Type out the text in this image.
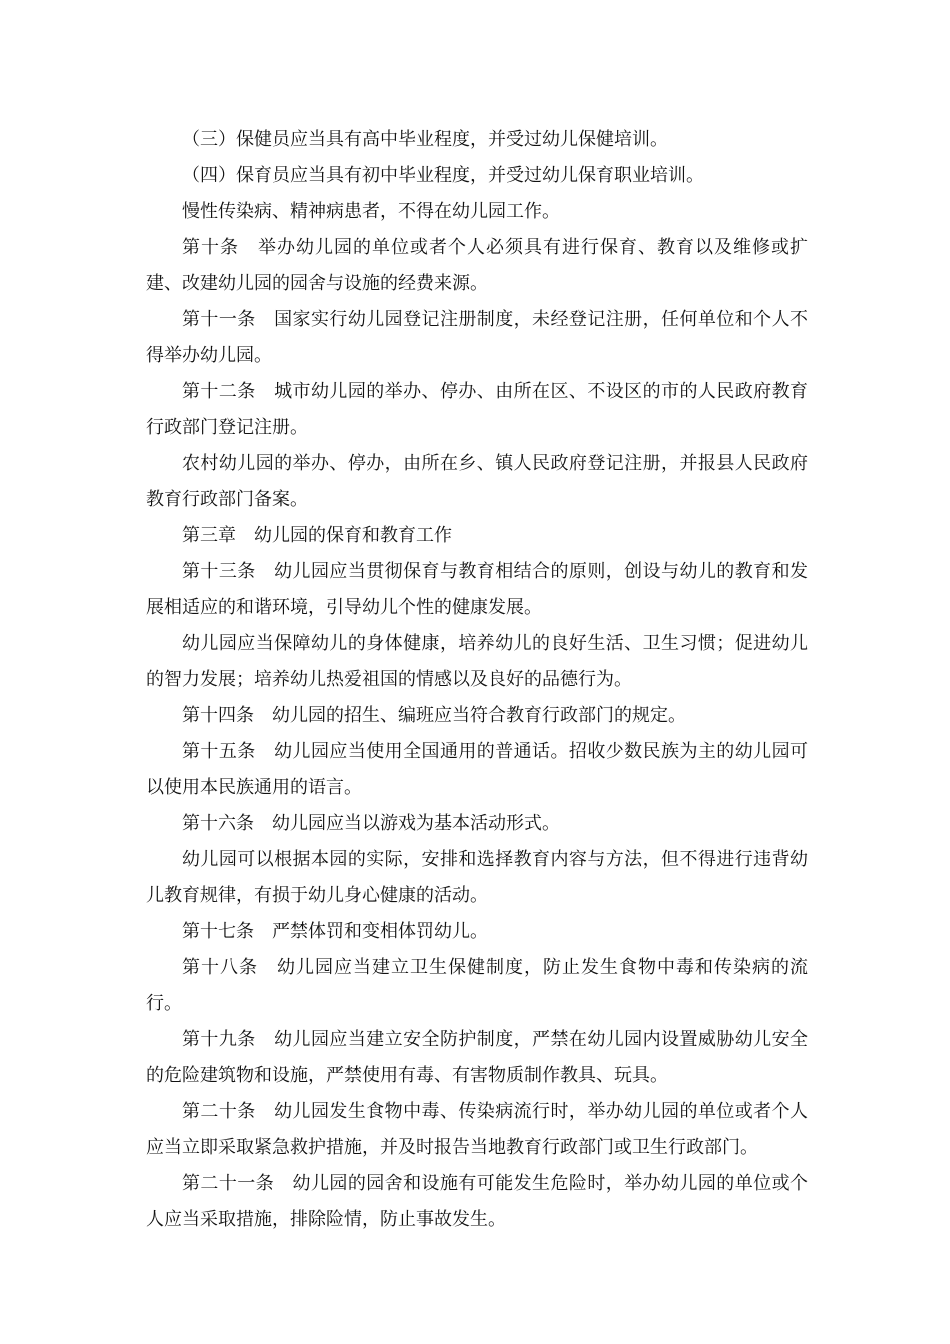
（三）保健员应当具有高中毕业程度，并受过幼儿保健培训。

（四）保育员应当具有初中毕业程度，并受过幼儿保育职业培训。

慢性传染病、精神病患者，不得在幼儿园工作。

第十条　举办幼儿园的单位或者个人必须具有进行保育、教育以及维修或扩建、改建幼儿园的园舍与设施的经费来源。

第十一条　国家实行幼儿园登记注册制度，未经登记注册，任何单位和个人不得举办幼儿园。

第十二条　城市幼儿园的举办、停办、由所在区、不设区的市的人民政府教育行政部门登记注册。

农村幼儿园的举办、停办，由所在乡、镇人民政府登记注册，并报县人民政府教育行政部门备案。

第三章　幼儿园的保育和教育工作

第十三条　幼儿园应当贯彻保育与教育相结合的原则，创设与幼儿的教育和发展相适应的和谐环境，引导幼儿个性的健康发展。

幼儿园应当保障幼儿的身体健康，培养幼儿的良好生活、卫生习惯；促进幼儿的智力发展；培养幼儿热爱祖国的情感以及良好的品德行为。

第十四条　幼儿园的招生、编班应当符合教育行政部门的规定。

第十五条　幼儿园应当使用全国通用的普通话。招收少数民族为主的幼儿园可以使用本民族通用的语言。

第十六条　幼儿园应当以游戏为基本活动形式。

幼儿园可以根据本园的实际，安排和选择教育内容与方法，但不得进行违背幼儿教育规律，有损于幼儿身心健康的活动。

第十七条　严禁体罚和变相体罚幼儿。

第十八条　幼儿园应当建立卫生保健制度，防止发生食物中毒和传染病的流行。

第十九条　幼儿园应当建立安全防护制度，严禁在幼儿园内设置威胁幼儿安全的危险建筑物和设施，严禁使用有毒、有害物质制作教具、玩具。

第二十条　幼儿园发生食物中毒、传染病流行时，举办幼儿园的单位或者个人应当立即采取紧急救护措施，并及时报告当地教育行政部门或卫生行政部门。

第二十一条　幼儿园的园舍和设施有可能发生危险时，举办幼儿园的单位或个人应当采取措施，排除险情，防止事故发生。
